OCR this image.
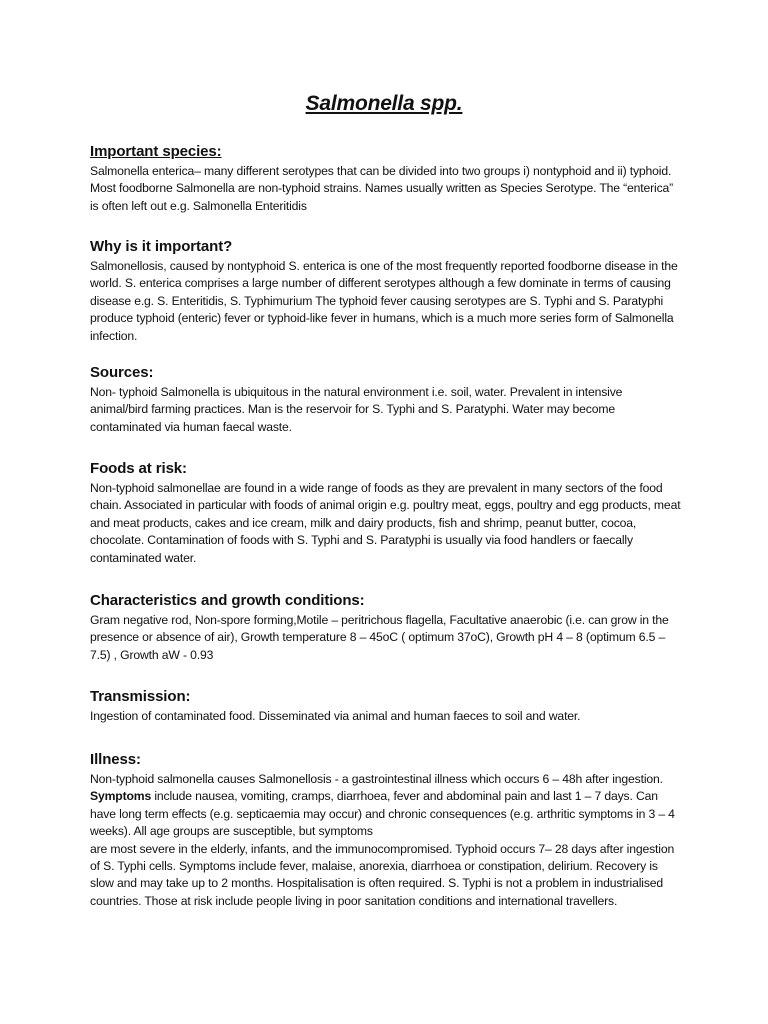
Salmonella spp.
Important species:

Salmonella enterica– many different serotypes that can be divided into two groups i) nontyphoid and ii) typhoid. Most foodborne Salmonella are non-typhoid strains. Names usually written as Species Serotype. The “enterica” is often left out e.g. Salmonella Enteritidis

Why is it important?

Salmonellosis, caused by nontyphoid S. enterica is one of the most frequently reported foodborne disease in the world. S. enterica comprises a large number of different serotypes although a few dominate in terms of causing disease e.g. S. Enteritidis, S. Typhimurium The typhoid fever causing serotypes are S. Typhi and S. Paratyphi produce typhoid (enteric) fever or typhoid-like fever in humans, which is a much more series form of Salmonella infection.

Sources:

Non- typhoid Salmonella is ubiquitous in the natural environment i.e. soil, water. Prevalent in intensive animal/bird farming practices. Man is the reservoir for S. Typhi and S. Paratyphi. Water may become contaminated via human faecal waste.

Foods at risk:

Non-typhoid salmonellae are found in a wide range of foods as they are prevalent in many sectors of the food chain. Associated in particular with foods of animal origin e.g. poultry meat, eggs, poultry and egg products, meat and meat products, cakes and ice cream, milk and dairy products, fish and shrimp, peanut butter, cocoa, chocolate. Contamination of foods with S. Typhi and S. Paratyphi is usually via food handlers or faecally contaminated water.

Characteristics and growth conditions:

Gram negative rod, Non-spore forming,Motile – peritrichous flagella, Facultative anaerobic (i.e. can grow in the presence or absence of air), Growth temperature 8 – 45oC ( optimum 37oC), Growth pH 4 – 8 (optimum 6.5 – 7.5) , Growth aW - 0.93

Transmission:

Ingestion of contaminated food. Disseminated via animal and human faeces to soil and water.

Illness:

Non-typhoid salmonella causes Salmonellosis - a gastrointestinal illness which occurs 6 – 48h after ingestion. Symptoms include nausea, vomiting, cramps, diarrhoea, fever and abdominal pain and last 1 – 7 days. Can have long term effects (e.g. septicaemia may occur) and chronic consequences (e.g. arthritic symptoms in 3 – 4 weeks). All age groups are susceptible, but symptoms

are most severe in the elderly, infants, and the immunocompromised. Typhoid occurs 7– 28 days after ingestion of S. Typhi cells. Symptoms include fever, malaise, anorexia, diarrhoea or constipation, delirium. Recovery is slow and may take up to 2 months. Hospitalisation is often required. S. Typhi is not a problem in industrialised countries. Those at risk include people living in poor sanitation conditions and international travellers.
